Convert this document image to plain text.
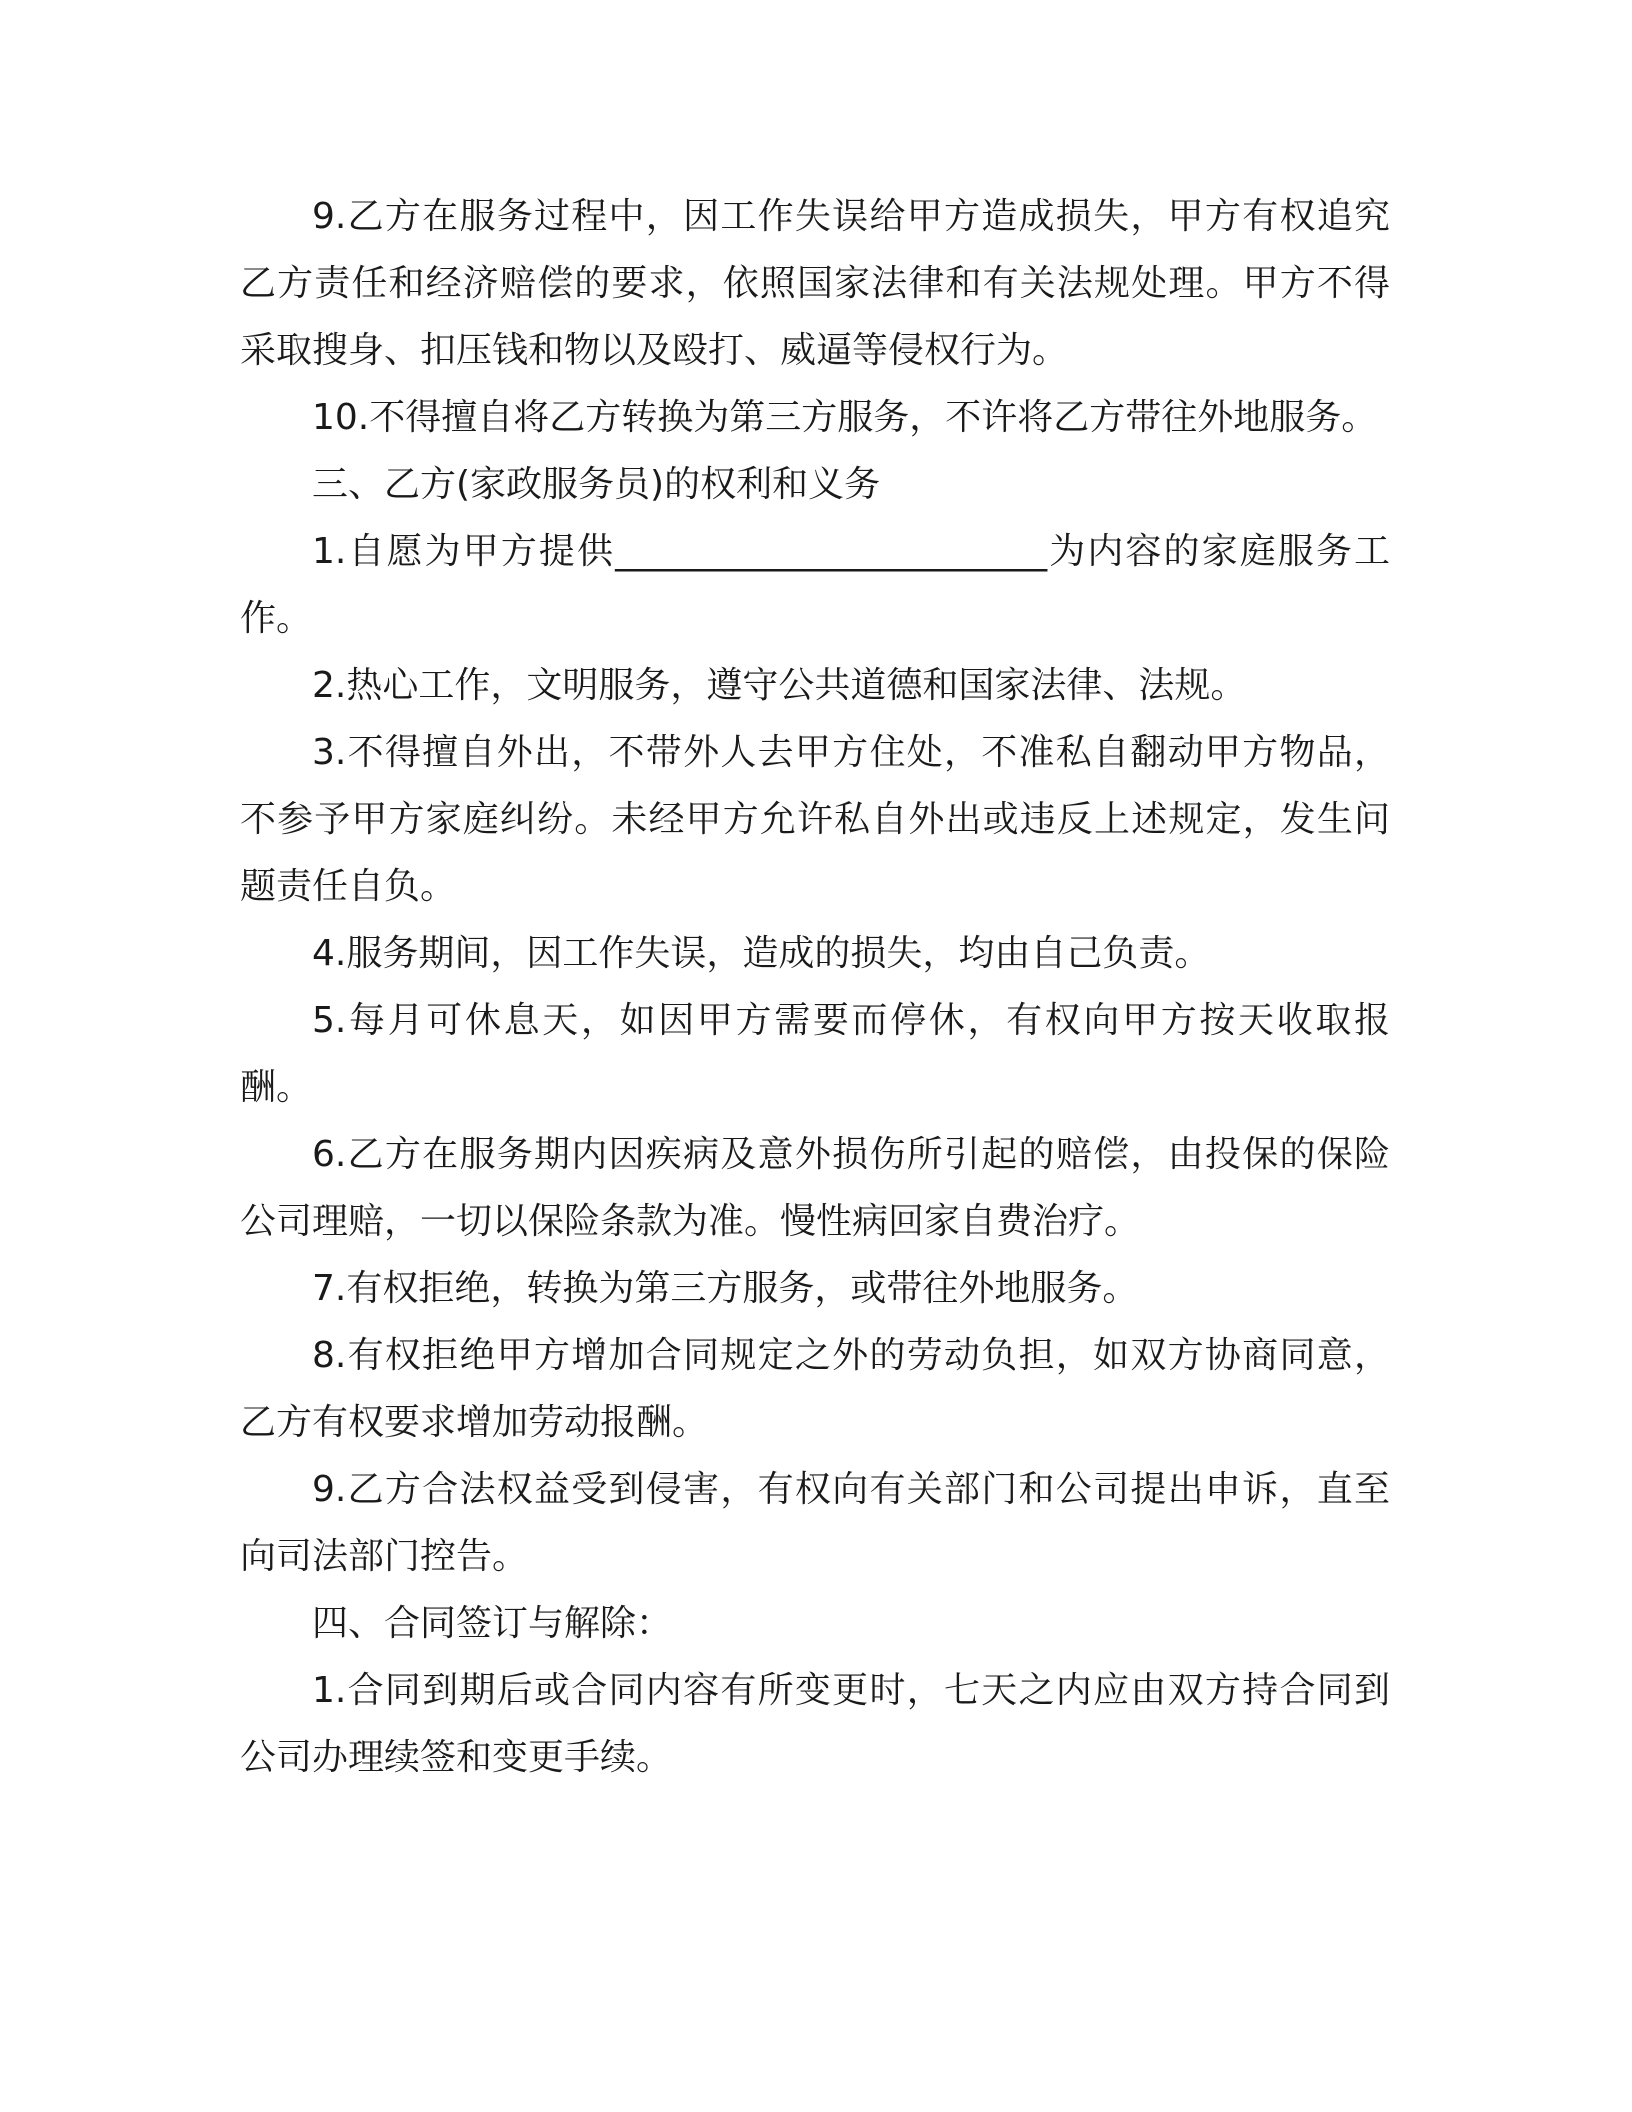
9.乙方在服务过程中，因工作失误给甲方造成损失，甲方有权追究乙方责任和经济赔偿的要求，依照国家法律和有关法规处理。甲方不得采取搜身、扣压钱和物以及殴打、威逼等侵权行为。

10.不得擅自将乙方转换为第三方服务，不许将乙方带往外地服务。

三、乙方(家政服务员)的权利和义务

1.自愿为甲方提供________________________为内容的家庭服务工作。

2.热心工作，文明服务，遵守公共道德和国家法律、法规。

3.不得擅自外出，不带外人去甲方住处，不准私自翻动甲方物品，不参予甲方家庭纠纷。未经甲方允许私自外出或违反上述规定，发生问题责任自负。

4.服务期间，因工作失误，造成的损失，均由自己负责。

5.每月可休息天，如因甲方需要而停休，有权向甲方按天收取报酬。

6.乙方在服务期内因疾病及意外损伤所引起的赔偿，由投保的保险公司理赔，一切以保险条款为准。慢性病回家自费治疗。

7.有权拒绝，转换为第三方服务，或带往外地服务。

8.有权拒绝甲方增加合同规定之外的劳动负担，如双方协商同意，乙方有权要求增加劳动报酬。

9.乙方合法权益受到侵害，有权向有关部门和公司提出申诉，直至向司法部门控告。

四、合同签订与解除：

1.合同到期后或合同内容有所变更时，七天之内应由双方持合同到公司办理续签和变更手续。
